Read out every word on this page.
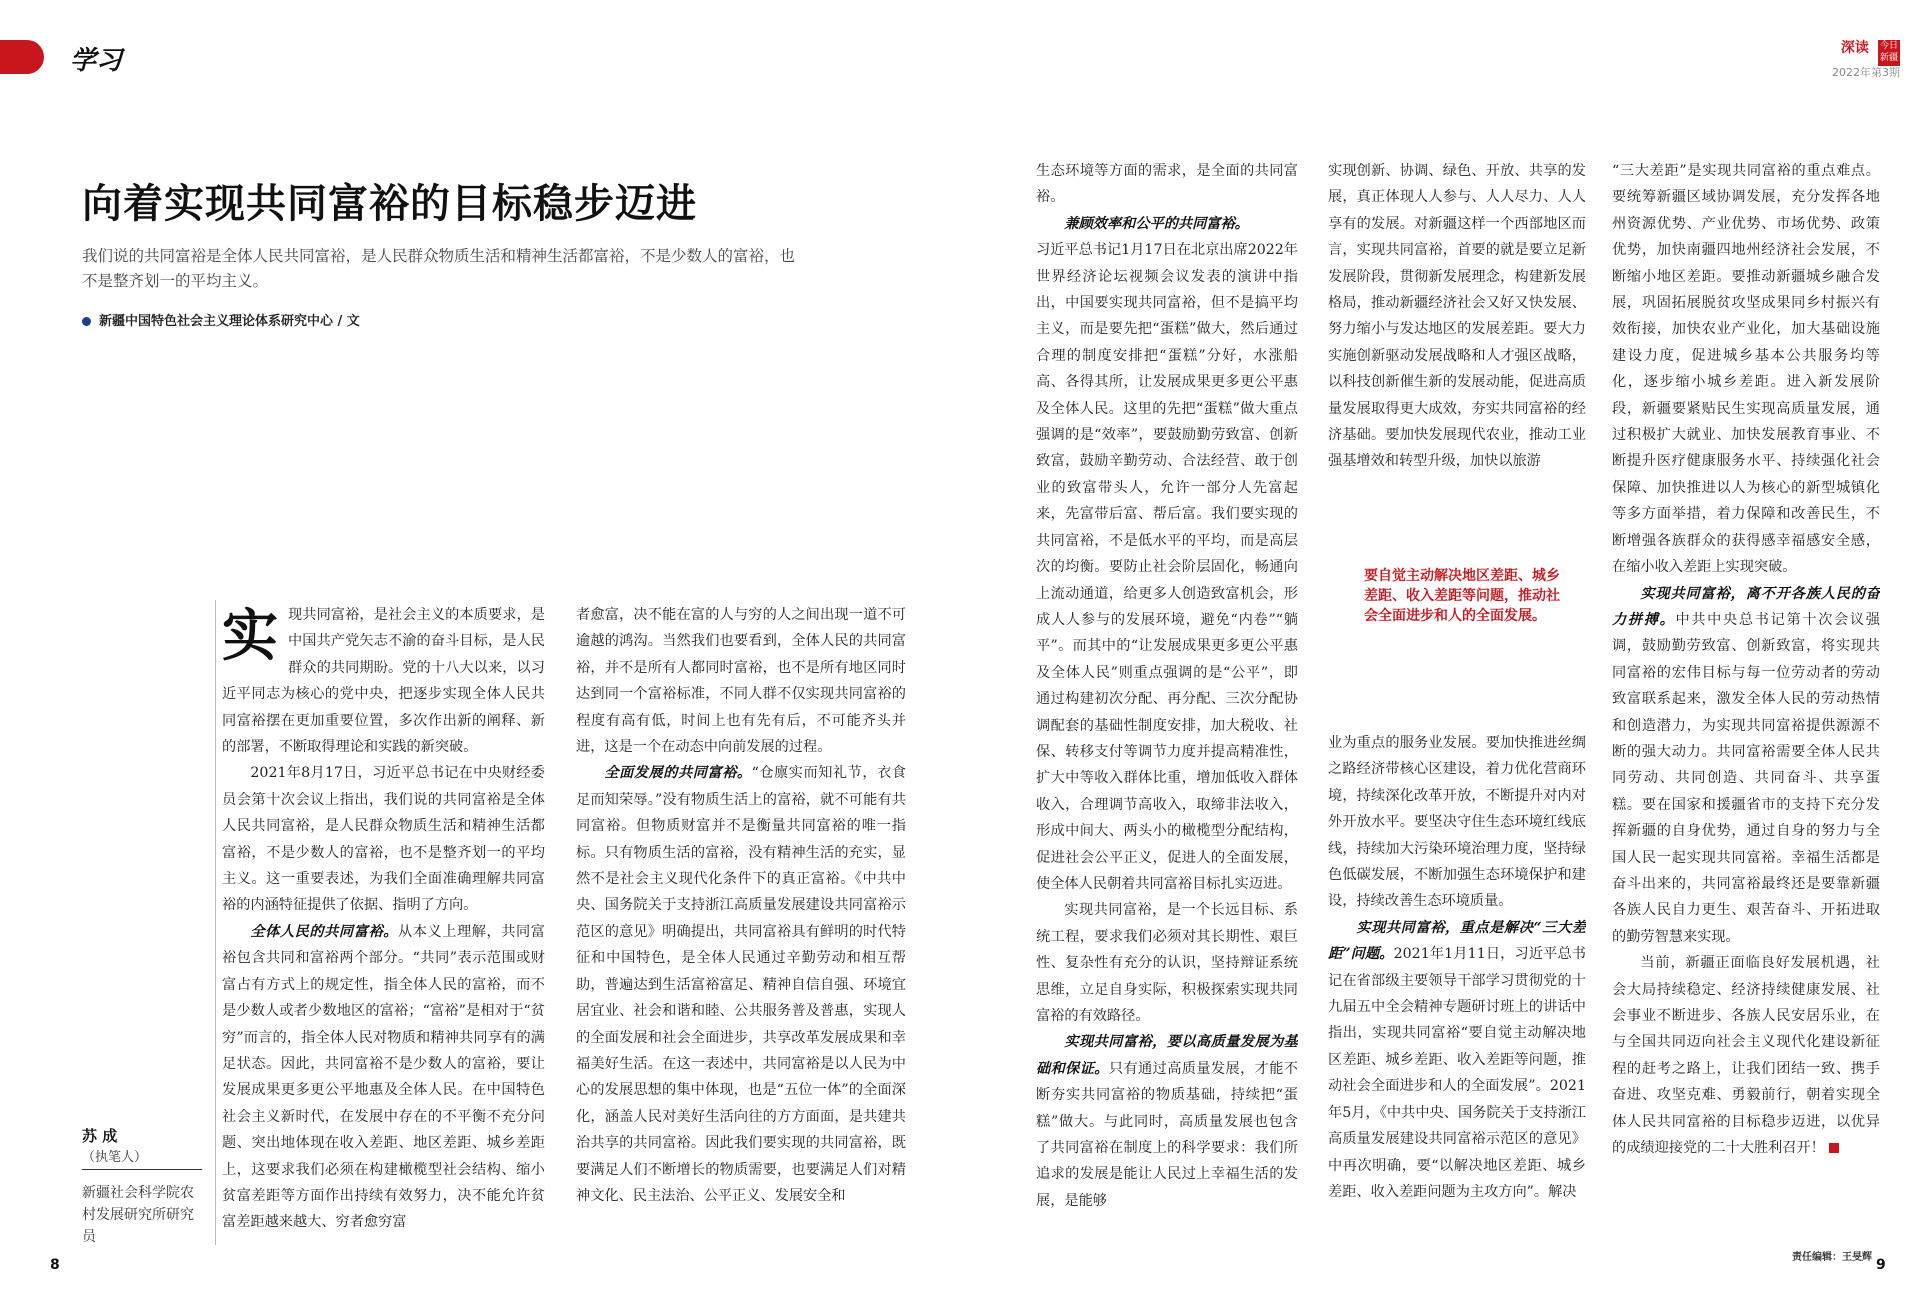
学习	深读 今日新疆
2022年第3期
向着实现共同富裕的目标稳步迈进
我们说的共同富裕是全体人民共同富裕，是人民群众物质生活和精神生活都富裕，不是少数人的富裕，也不是整齐划一的平均主义。
新疆中国特色社会主义理论体系研究中心 / 文
苏 成
（执笔人）
新疆社会科学院农村发展研究所研究员

实现共同富裕，是社会主义的本质要求，是中国共产党矢志不渝的奋斗目标，是人民群众的共同期盼。党的十八大以来，以习近平同志为核心的党中央，把逐步实现全体人民共同富裕摆在更加重要位置，多次作出新的阐释、新的部署，不断取得理论和实践的新突破。

2021年8月17日，习近平总书记在中央财经委员会第十次会议上指出，我们说的共同富裕是全体人民共同富裕，是人民群众物质生活和精神生活都富裕，不是少数人的富裕，也不是整齐划一的平均主义。这一重要表述，为我们全面准确理解共同富裕的内涵特征提供了依据、指明了方向。

全体人民的共同富裕。从本义上理解，共同富裕包含共同和富裕两个部分。“共同”表示范围或财富占有方式上的规定性，指全体人民的富裕，而不是少数人或者少数地区的富裕；“富裕”是相对于“贫穷”而言的，指全体人民对物质和精神共同享有的满足状态。因此，共同富裕不是少数人的富裕，要让发展成果更多更公平地惠及全体人民。在中国特色社会主义新时代，在发展中存在的不平衡不充分问题、突出地体现在收入差距、地区差距、城乡差距上，这要求我们必须在构建橄榄型社会结构、缩小贫富差距等方面作出持续有效努力，决不能允许贫富差距越来越大、穷者愈穷富

者愈富，决不能在富的人与穷的人之间出现一道不可逾越的鸿沟。当然我们也要看到，全体人民的共同富裕，并不是所有人都同时富裕，也不是所有地区同时达到同一个富裕标准，不同人群不仅实现共同富裕的程度有高有低，时间上也有先有后，不可能齐头并进，这是一个在动态中向前发展的过程。

全面发展的共同富裕。“仓廪实而知礼节，衣食足而知荣辱。”没有物质生活上的富裕，就不可能有共同富裕。但物质财富并不是衡量共同富裕的唯一指标。只有物质生活的富裕，没有精神生活的充实，显然不是社会主义现代化条件下的真正富裕。《中共中央、国务院关于支持浙江高质量发展建设共同富裕示范区的意见》明确提出，共同富裕具有鲜明的时代特征和中国特色，是全体人民通过辛勤劳动和相互帮助，普遍达到生活富裕富足、精神自信自强、环境宜居宜业、社会和谐和睦、公共服务普及普惠，实现人的全面发展和社会全面进步，共享改革发展成果和幸福美好生活。在这一表述中，共同富裕是以人民为中心的发展思想的集中体现，也是“五位一体”的全面深化，涵盖人民对美好生活向往的方方面面，是共建共治共享的共同富裕。因此我们要实现的共同富裕，既要满足人们不断增长的物质需要，也要满足人们对精神文化、民主法治、公平正义、发展安全和

生态环境等方面的需求，是全面的共同富裕。

兼顾效率和公平的共同富裕。

习近平总书记1月17日在北京出席2022年世界经济论坛视频会议发表的演讲中指出，中国要实现共同富裕，但不是搞平均主义，而是要先把“蛋糕”做大，然后通过合理的制度安排把“蛋糕”分好，水涨船高、各得其所，让发展成果更多更公平惠及全体人民。这里的先把“蛋糕”做大重点强调的是“效率”，要鼓励勤劳致富、创新致富，鼓励辛勤劳动、合法经营、敢于创业的致富带头人，允许一部分人先富起来，先富带后富、帮后富。我们要实现的共同富裕，不是低水平的平均，而是高层次的均衡。要防止社会阶层固化，畅通向上流动通道，给更多人创造致富机会，形成人人参与的发展环境，避免“内卷”“躺平”。而其中的“让发展成果更多更公平惠及全体人民”则重点强调的是“公平”，即通过构建初次分配、再分配、三次分配协调配套的基础性制度安排，加大税收、社保、转移支付等调节力度并提高精准性，扩大中等收入群体比重，增加低收入群体收入，合理调节高收入，取缔非法收入，形成中间大、两头小的橄榄型分配结构，促进社会公平正义，促进人的全面发展，使全体人民朝着共同富裕目标扎实迈进。

实现共同富裕，是一个长远目标、系统工程，要求我们必须对其长期性、艰巨性、复杂性有充分的认识，坚持辩证系统思维，立足自身实际，积极探索实现共同富裕的有效路径。

实现共同富裕，要以高质量发展为基础和保证。只有通过高质量发展，才能不断夯实共同富裕的物质基础，持续把“蛋糕”做大。与此同时，高质量发展也包含了共同富裕在制度上的科学要求：我们所追求的发展是能让人民过上幸福生活的发展，是能够

实现创新、协调、绿色、开放、共享的发展，真正体现人人参与、人人尽力、人人享有的发展。对新疆这样一个西部地区而言，实现共同富裕，首要的就是要立足新发展阶段，贯彻新发展理念，构建新发展格局，推动新疆经济社会又好又快发展、努力缩小与发达地区的发展差距。要大力实施创新驱动发展战略和人才强区战略，以科技创新催生新的发展动能，促进高质量发展取得更大成效，夯实共同富裕的经济基础。要加快发展现代农业，推动工业强基增效和转型升级，加快以旅游

要自觉主动解决地区差距、城乡差距、收入差距等问题，推动社会全面进步和人的全面发展。

业为重点的服务业发展。要加快推进丝绸之路经济带核心区建设，着力优化营商环境，持续深化改革开放，不断提升对内对外开放水平。要坚决守住生态环境红线底线，持续加大污染环境治理力度，坚持绿色低碳发展，不断加强生态环境保护和建设，持续改善生态环境质量。

实现共同富裕，重点是解决“三大差距”问题。2021年1月11日，习近平总书记在省部级主要领导干部学习贯彻党的十九届五中全会精神专题研讨班上的讲话中指出，实现共同富裕“要自觉主动解决地区差距、城乡差距、收入差距等问题，推动社会全面进步和人的全面发展”。2021年5月，《中共中央、国务院关于支持浙江高质量发展建设共同富裕示范区的意见》中再次明确，要“以解决地区差距、城乡差距、收入差距问题为主攻方向”。解决

“三大差距”是实现共同富裕的重点难点。要统筹新疆区域协调发展，充分发挥各地州资源优势、产业优势、市场优势、政策优势，加快南疆四地州经济社会发展，不断缩小地区差距。要推动新疆城乡融合发展，巩固拓展脱贫攻坚成果同乡村振兴有效衔接，加快农业产业化，加大基础设施建设力度，促进城乡基本公共服务均等化，逐步缩小城乡差距。进入新发展阶段，新疆要紧贴民生实现高质量发展，通过积极扩大就业、加快发展教育事业、不断提升医疗健康服务水平、持续强化社会保障、加快推进以人为核心的新型城镇化等多方面举措，着力保障和改善民生，不断增强各族群众的获得感幸福感安全感，在缩小收入差距上实现突破。

实现共同富裕，离不开各族人民的奋力拼搏。中共中央总书记第十次会议强调，鼓励勤劳致富、创新致富，将实现共同富裕的宏伟目标与每一位劳动者的劳动致富联系起来，激发全体人民的劳动热情和创造潜力，为实现共同富裕提供源源不断的强大动力。共同富裕需要全体人民共同劳动、共同创造、共同奋斗、共享蛋糕。要在国家和援疆省市的支持下充分发挥新疆的自身优势，通过自身的努力与全国人民一起实现共同富裕。幸福生活都是奋斗出来的，共同富裕最终还是要靠新疆各族人民自力更生、艰苦奋斗、开拓进取的勤劳智慧来实现。

当前，新疆正面临良好发展机遇，社会大局持续稳定、经济持续健康发展、社会事业不断进步、各族人民安居乐业，在与全国共同迈向社会主义现代化建设新征程的赶考之路上，让我们团结一致、携手奋进、攻坚克难、勇毅前行，朝着实现全体人民共同富裕的目标稳步迈进，以优异的成绩迎接党的二十大胜利召开！

8	责任编辑：王旻辉 9
